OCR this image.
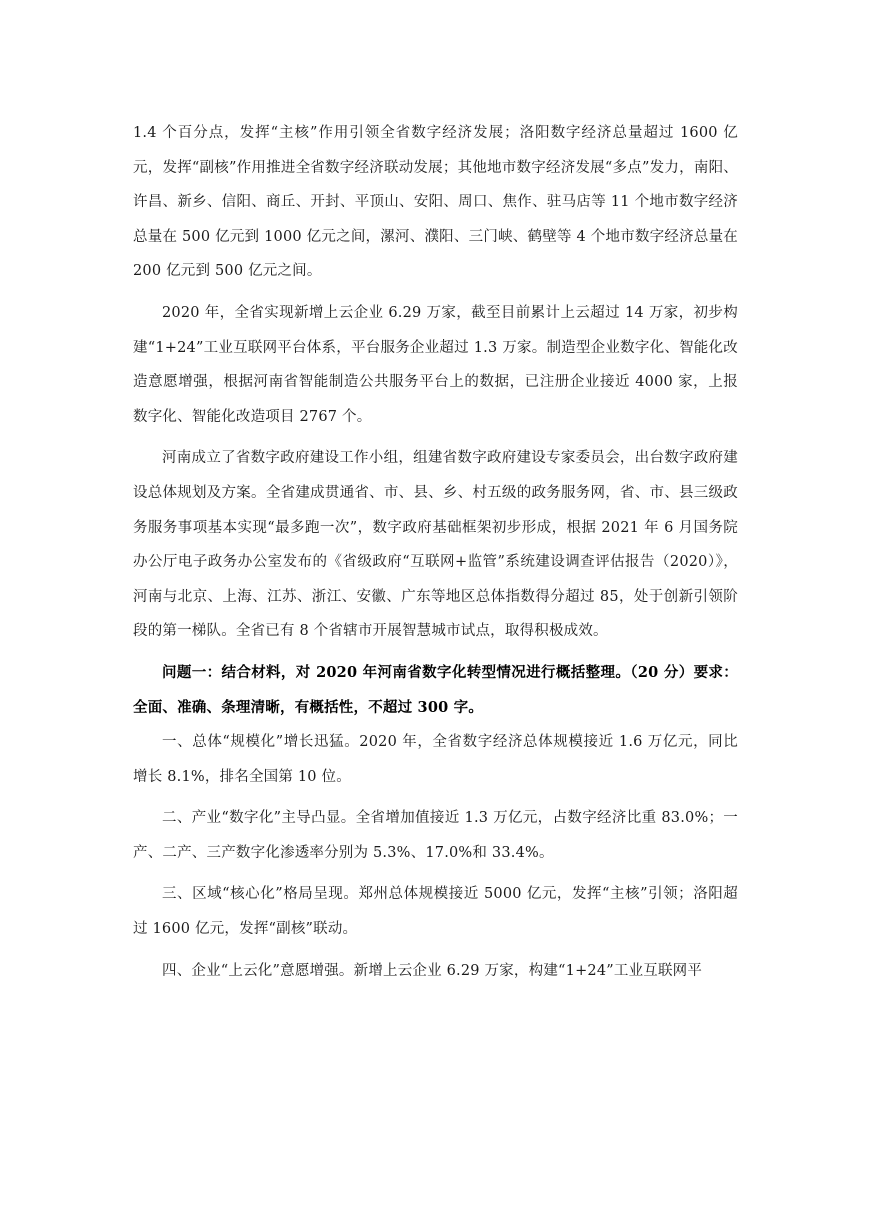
1.4 个百分点，发挥“主核”作用引领全省数字经济发展；洛阳数字经济总量超过 1600 亿元，发挥“副核”作用推进全省数字经济联动发展；其他地市数字经济发展“多点”发力，南阳、许昌、新乡、信阳、商丘、开封、平顶山、安阳、周口、焦作、驻马店等 11 个地市数字经济总量在 500 亿元到 1000 亿元之间，漯河、濮阳、三门峡、鹤壁等 4 个地市数字经济总量在 200 亿元到 500 亿元之间。

2020 年，全省实现新增上云企业 6.29 万家，截至目前累计上云超过 14 万家，初步构建“1+24”工业互联网平台体系，平台服务企业超过 1.3 万家。制造型企业数字化、智能化改造意愿增强，根据河南省智能制造公共服务平台上的数据，已注册企业接近 4000 家，上报数字化、智能化改造项目 2767 个。

河南成立了省数字政府建设工作小组，组建省数字政府建设专家委员会，出台数字政府建设总体规划及方案。全省建成贯通省、市、县、乡、村五级的政务服务网，省、市、县三级政务服务事项基本实现“最多跑一次”，数字政府基础框架初步形成，根据 2021 年 6 月国务院办公厅电子政务办公室发布的《省级政府“互联网+监管”系统建设调查评估报告（2020）》，河南与北京、上海、江苏、浙江、安徽、广东等地区总体指数得分超过 85，处于创新引领阶段的第一梯队。全省已有 8 个省辖市开展智慧城市试点，取得积极成效。

问题一：结合材料，对 2020 年河南省数字化转型情况进行概括整理。（20 分）要求：全面、准确、条理清晰，有概括性，不超过 300 字。

一、总体“规模化”增长迅猛。2020 年，全省数字经济总体规模接近 1.6 万亿元，同比增长 8.1%，排名全国第 10 位。

二、产业“数字化”主导凸显。全省增加值接近 1.3 万亿元，占数字经济比重 83.0%；一产、二产、三产数字化渗透率分别为 5.3%、17.0%和 33.4%。

三、区域“核心化”格局呈现。郑州总体规模接近 5000 亿元，发挥“主核”引领；洛阳超过 1600 亿元，发挥“副核”联动。

四、企业“上云化”意愿增强。新增上云企业 6.29 万家，构建“1+24”工业互联网平
